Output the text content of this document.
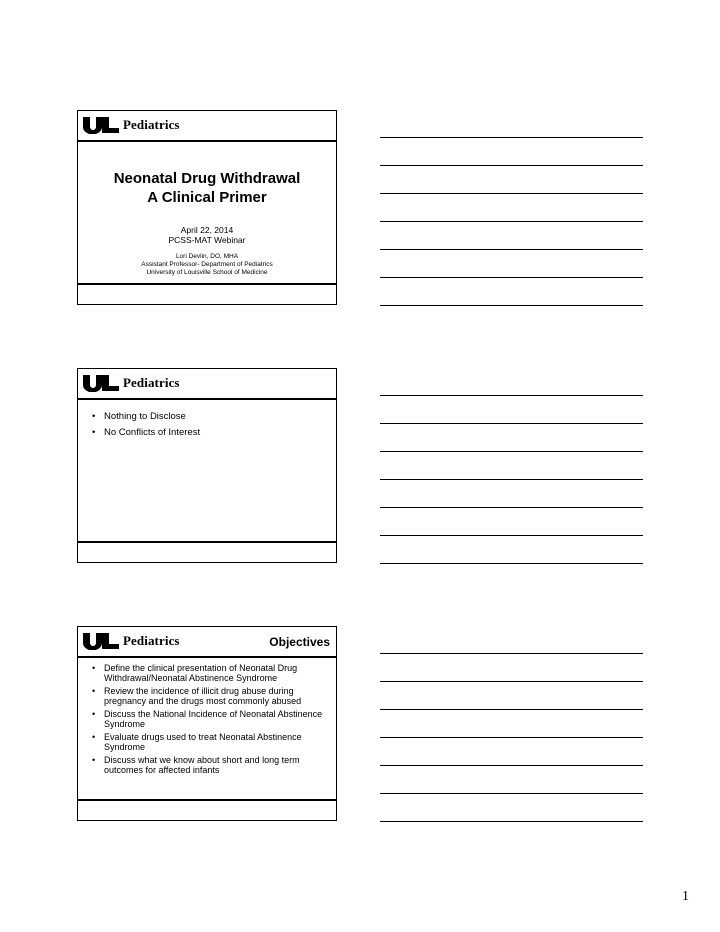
Pediatrics
Neonatal Drug Withdrawal
A Clinical Primer
April 22, 2014
PCSS-MAT Webinar
Lori Devlin, DO, MHA
Assistant Professor- Department of Pediatrics
University of Louisville School of Medicine
Pediatrics
• Nothing to Disclose
• No Conflicts of Interest
Pediatrics	Objectives
• Define the clinical presentation of Neonatal Drug Withdrawal/Neonatal Abstinence Syndrome
• Review the incidence of illicit drug abuse during pregnancy and the drugs most commonly abused
• Discuss the National Incidence of Neonatal Abstinence Syndrome
• Evaluate drugs used to treat Neonatal Abstinence Syndrome
• Discuss what we know about short and long term outcomes for affected infants
1
